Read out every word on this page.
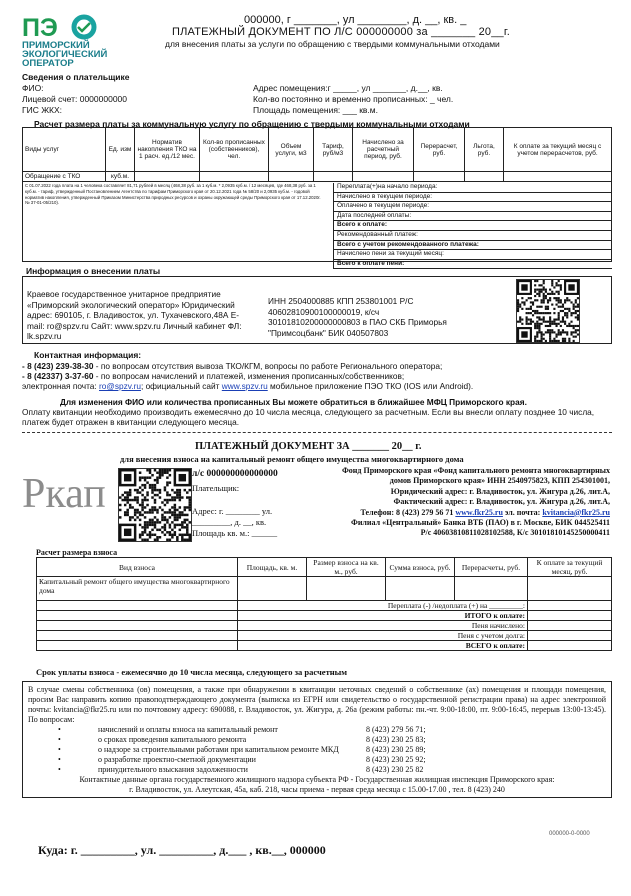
ПЭ
ПРИМОРСКИЙ
ЭКОЛОГИЧЕСКИЙ
ОПЕРАТОР
000000, г _______, ул ________, д. __, кв. _
ПЛАТЕЖНЫЙ ДОКУМЕНТ ПО Л/С 000000000 за _______ 20__г.
для внесения платы за услуги по обращению с твердыми коммунальными отходами
Сведения о плательщике
ФИО:
Лицевой счет: 0000000000
ГИС ЖКХ:
Адрес помещения:г _____, ул _______, д.__, кв.
Кол-во постоянно и временно прописанных: _ чел.
Площадь помещения: ___ кв.м.
Расчет размера платы за коммунальную услугу по обращению с твердыми коммунальными отходами
Виды услуг	Ед. изм	Норматив накопления ТКО на 1 расч. ед./12 мес.	Кол-во прописанных (собственников), чел.	Объем услуги, м3	Тариф, руб/м3	Начислено за расчетный период, руб.	Перерасчет, руб.	Льгота, руб.	К оплате за текущий месяц с учетом перерасчетов, руб.
Обращение с ТКО	куб.м.								
С 01.07.2022 года плата на 1 человека составляет 81,71 рублей в месяц (468,38 руб. за 1 куб.м. * 2,0935 куб.м. / 12 месяцев, где 468,38 руб. за 1 куб.м. - тариф, утвержденный Постановлением Агентства по тарифам Приморского края от 20.12.2021 года № 58/20 и 2,0935 куб.м. - годовой норматив накопления, утвержденный Приказом Министерства природных ресурсов и охраны окружающей среды Приморского края от 17.12.2020г. № 37-01-05/210).
Переплата(+)на начало периода:
Начислено в текущем периоде:
Оплачено в текущем периоде:
Дата последней оплаты:
Всего к оплате:
Рекомендованный платеж:
Всего с учетом рекомендованного платежа:
Начислено пени за текущий месяц:
Всего к оплате пени:
Информация о внесении платы
Краевое государственное унитарное предприятие «Приморский экологический оператор» Юридический адрес: 690105, г. Владивосток, ул. Тухачевского,48А Е-mail: ro@spzv.ru Сайт: www.spzv.ru Личный кабинет ФЛ: lk.spzv.ru
ИНН 2504000885 КПП 253801001 Р/С 40602810900100000019, к/сч 30101810200000000803 в ПАО СКБ Приморья "Примсоцбанк" БИК 040507803
Контактная информация:
- 8 (423) 239-38-30 - по вопросам отсутствия вывоза ТКО/КГМ, вопросы по работе Регионального оператора;
- 8 (42337) 3-37-60 - по вопросам начислений и платежей, изменения прописанных/собственников;
электронная почта: ro@spzv.ru; официальный сайт www.spzv.ru мобильное приложение ПЭО ТКО (IOS или Android).
Для изменения ФИО или количества прописанных Вы можете обратиться в ближайшее МФЦ Приморского края.
Оплату квитанции необходимо производить ежемесячно до 10 числа месяца, следующего за расчетным. Если вы внесли оплату позднее 10 числа, платеж будет отражен в квитанции следующего месяца.
ПЛАТЕЖНЫЙ ДОКУМЕНТ ЗА _______ 20__ г.
для внесения взноса на капитальный ремонт общего имущества многоквартирного дома
Ркап	л/с 000000000000000
Плательщик:
Адрес: г. ________ ул.
_________, д. __, кв.
Площадь кв. м.: ______
Фонд Приморского края «Фонд капитального ремонта многоквартирных
домов Приморского края» ИНН 2540975823, КПП 254301001,
Юридический адрес: г. Владивосток, ул. Жигура д.26, лит.А,
Фактический адрес: г. Владивосток, ул. Жигура д.26, лит.А,
Телефон: 8 (423) 279 56 71 www.fkr25.ru эл. почта: kvitancia@fkr25.ru
Филиал «Центральный» Банка ВТБ (ПАО) в г. Москве, БИК 044525411
Р/с 40603810811028102588, К/с 30101810145250000411
Расчет размера взноса
Вид взноса	Площадь, кв. м.	Размер взноса на кв. м., руб.	Сумма взноса, руб.	Перерасчеты, руб.	К оплате за текущий месяц, руб.
Капитальный ремонт общего имущества многоквартирного дома					
	Переплата (-) /недоплата (+) на _________:				
	ИТОГО к оплате:				
	Пеня начислено:				
	Пеня с учетом долга:				
	ВСЕГО к оплате:				
Срок уплаты взноса - ежемесячно до 10 числа месяца, следующего за расчетным
В случае смены собственника (ов) помещения, а также при обнаружении в квитанции неточных сведений о собственнике (ах) помещения и площади помещения, просим Вас направить копию правоподтверждающего документа (выписка из ЕГРН или свидетельство о государственной регистрации права) на адрес электронной почты: kvitancia@fkr25.ru или по почтовому адресу: 690088, г. Владивосток, ул. Жигура, д. 26а (режим работы: пн.-чт. 9:00-18:00, пт. 9:00-16:45, перерыв 13:00-13:45). По вопросам:
•	начислений и оплаты взноса на капитальный ремонт	8 (423) 279 56 71;
•	о сроках проведения капитального ремонта	8 (423) 230 25 83;
•	о надзоре за строительными работами при капитальном ремонте МКД	8 (423) 230 25 89;
•	о разработке проектно-сметной документации	8 (423) 230 25 92;
•	принудительного взыскания задолженности	8 (423) 230 25 82
Контактные данные органа государственного жилищного надзора субъекта РФ - Государственная жилищная инспекция Приморского края:
г. Владивосток, ул. Алеутская, 45а, каб. 218, часы приема - первая среда месяца с 15.00-17.00 , тел. 8 (423) 240
000000-0-0000
Куда: г. _________, ул. _________, д.___ , кв.__, 000000
